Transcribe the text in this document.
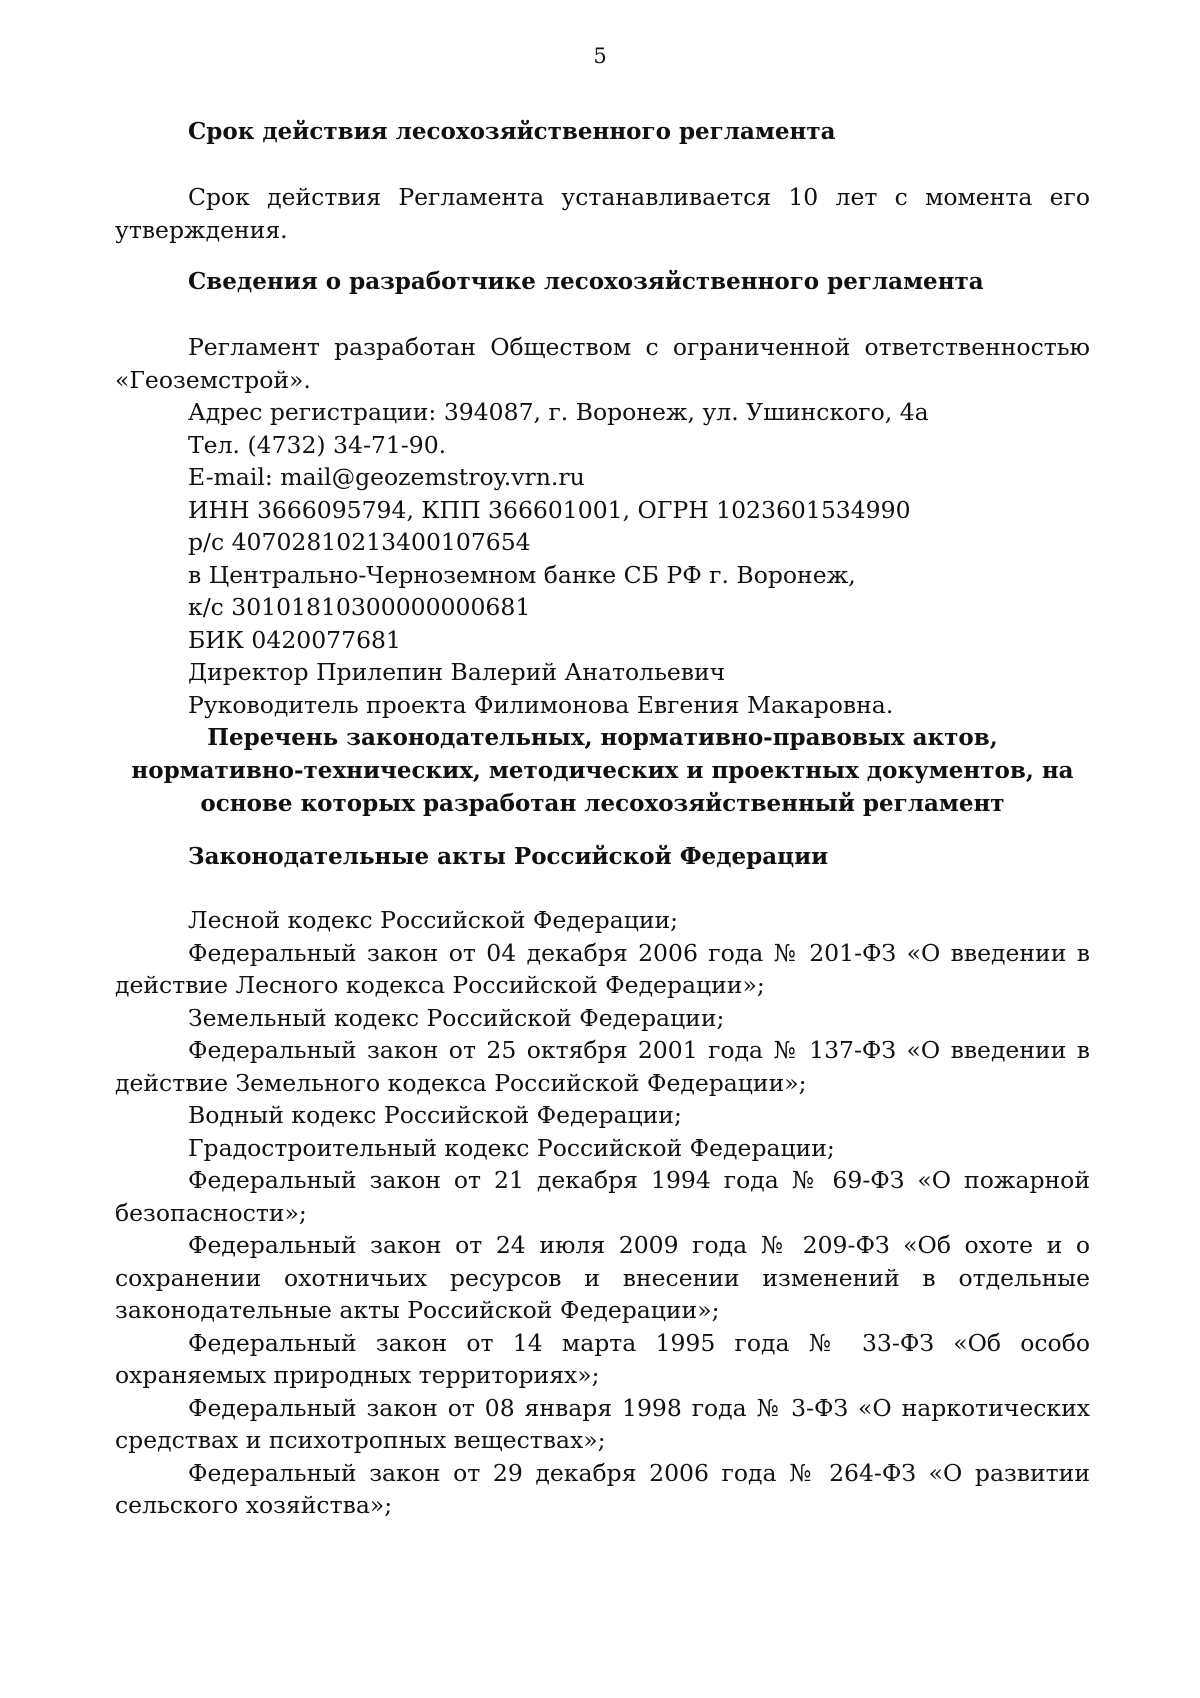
5
Срок действия лесохозяйственного регламента

Срок действия Регламента устанавливается 10 лет с момента его утверждения.

Сведения о разработчике лесохозяйственного регламента

Регламент разработан Обществом с ограниченной ответственностью «Геоземстрой».

Адрес регистрации: 394087, г. Воронеж, ул. Ушинского, 4а
Тел. (4732) 34-71-90.
E-mail: mail@geozemstroy.vrn.ru
ИНН 3666095794, КПП 366601001, ОГРН 1023601534990
р/с 40702810213400107654
в Центрально-Черноземном банке СБ РФ г. Воронеж,
к/с 30101810300000000681
БИК 0420077681
Директор Прилепин Валерий Анатольевич
Руководитель проекта Филимонова Евгения Макаровна.
Перечень законодательных, нормативно-правовых актов,
нормативно-технических, методических и проектных документов, на
основе которых разработан лесохозяйственный регламент
Законодательные акты Российской Федерации

Лесной кодекс Российской Федерации;

Федеральный закон от 04 декабря 2006 года № 201-ФЗ «О введении в действие Лесного кодекса Российской Федерации»;

Земельный кодекс Российской Федерации;

Федеральный закон от 25 октября 2001 года № 137-ФЗ «О введении в действие Земельного кодекса Российской Федерации»;

Водный кодекс Российской Федерации;

Градостроительный кодекс Российской Федерации;

Федеральный закон от 21 декабря 1994 года № 69-ФЗ «О пожарной безопасности»;

Федеральный закон от 24 июля 2009 года № 209-ФЗ «Об охоте и о сохранении охотничьих ресурсов и внесении изменений в отдельные законодательные акты Российской Федерации»;

Федеральный закон от 14 марта 1995 года № 33-ФЗ «Об особо охраняемых природных территориях»;

Федеральный закон от 08 января 1998 года № 3-ФЗ «О наркотических средствах и психотропных веществах»;

Федеральный закон от 29 декабря 2006 года № 264-ФЗ «О развитии сельского хозяйства»;
